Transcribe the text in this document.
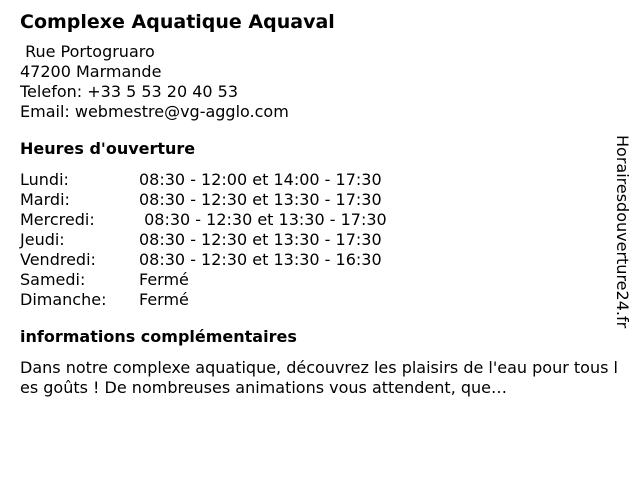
Complexe Aquatique Aquaval
Rue Portogruaro
47200 Marmande
Telefon: +33 5 53 20 40 53
Email: webmestre@vg-agglo.com
Heures d'ouverture
Lundi:	08:30 - 12:00 et 14:00 - 17:30
Mardi:	08:30 - 12:30 et 13:30 - 17:30
Mercredi:	08:30 - 12:30 et 13:30 - 17:30
Jeudi:	08:30 - 12:30 et 13:30 - 17:30
Vendredi:	08:30 - 12:30 et 13:30 - 16:30
Samedi:	Fermé
Dimanche:	Fermé
informations complémentaires
Dans notre complexe aquatique, découvrez les plaisirs de l'eau pour tous les goûts ! De nombreuses animations vous attendent, que…
Horairesdouverture24.fr
